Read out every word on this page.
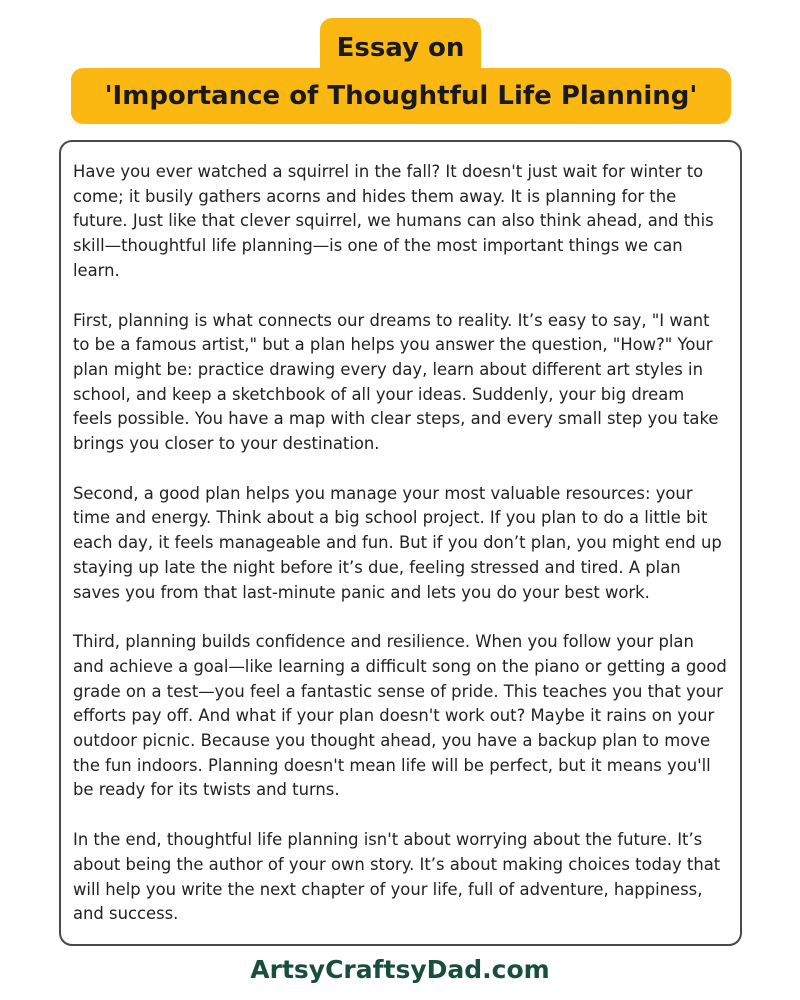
Essay on
'Importance of Thoughtful Life Planning'

Have you ever watched a squirrel in the fall? It doesn't just wait for winter to come; it busily gathers acorns and hides them away. It is planning for the future. Just like that clever squirrel, we humans can also think ahead, and this skill—thoughtful life planning—is one of the most important things we can learn.

First, planning is what connects our dreams to reality. It’s easy to say, "I want to be a famous artist," but a plan helps you answer the question, "How?" Your plan might be: practice drawing every day, learn about different art styles in school, and keep a sketchbook of all your ideas. Suddenly, your big dream feels possible. You have a map with clear steps, and every small step you take brings you closer to your destination.

Second, a good plan helps you manage your most valuable resources: your time and energy. Think about a big school project. If you plan to do a little bit each day, it feels manageable and fun. But if you don’t plan, you might end up staying up late the night before it’s due, feeling stressed and tired. A plan saves you from that last-minute panic and lets you do your best work.

Third, planning builds confidence and resilience. When you follow your plan and achieve a goal—like learning a difficult song on the piano or getting a good grade on a test—you feel a fantastic sense of pride. This teaches you that your efforts pay off. And what if your plan doesn't work out? Maybe it rains on your outdoor picnic. Because you thought ahead, you have a backup plan to move the fun indoors. Planning doesn't mean life will be perfect, but it means you'll be ready for its twists and turns.

In the end, thoughtful life planning isn't about worrying about the future. It’s about being the author of your own story. It’s about making choices today that will help you write the next chapter of your life, full of adventure, happiness, and success.

ArtsyCraftsyDad.com
